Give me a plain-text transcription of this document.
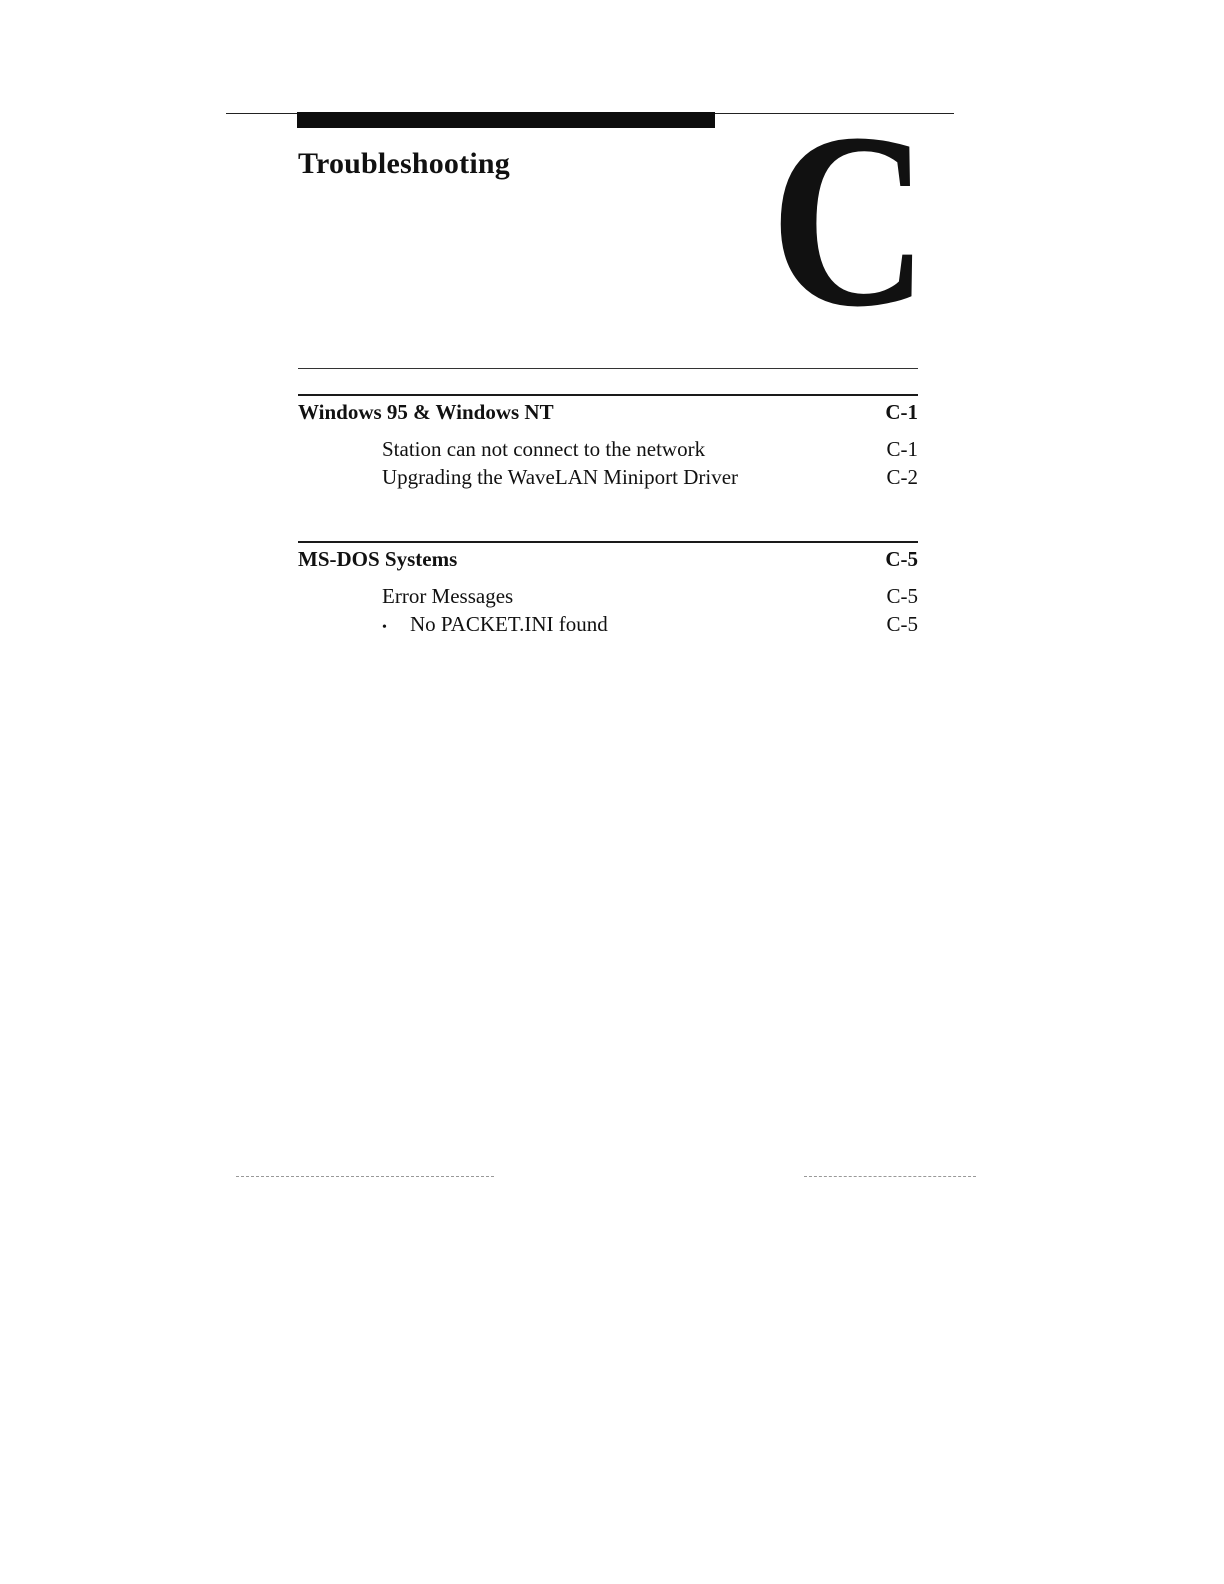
Troubleshooting C
Windows 95 & Windows NT	C-1
Station can not connect to the network	C-1
Upgrading the WaveLAN Miniport Driver	C-2
MS-DOS Systems	C-5
Error Messages	C-5
• No PACKET.INI found	C-5
